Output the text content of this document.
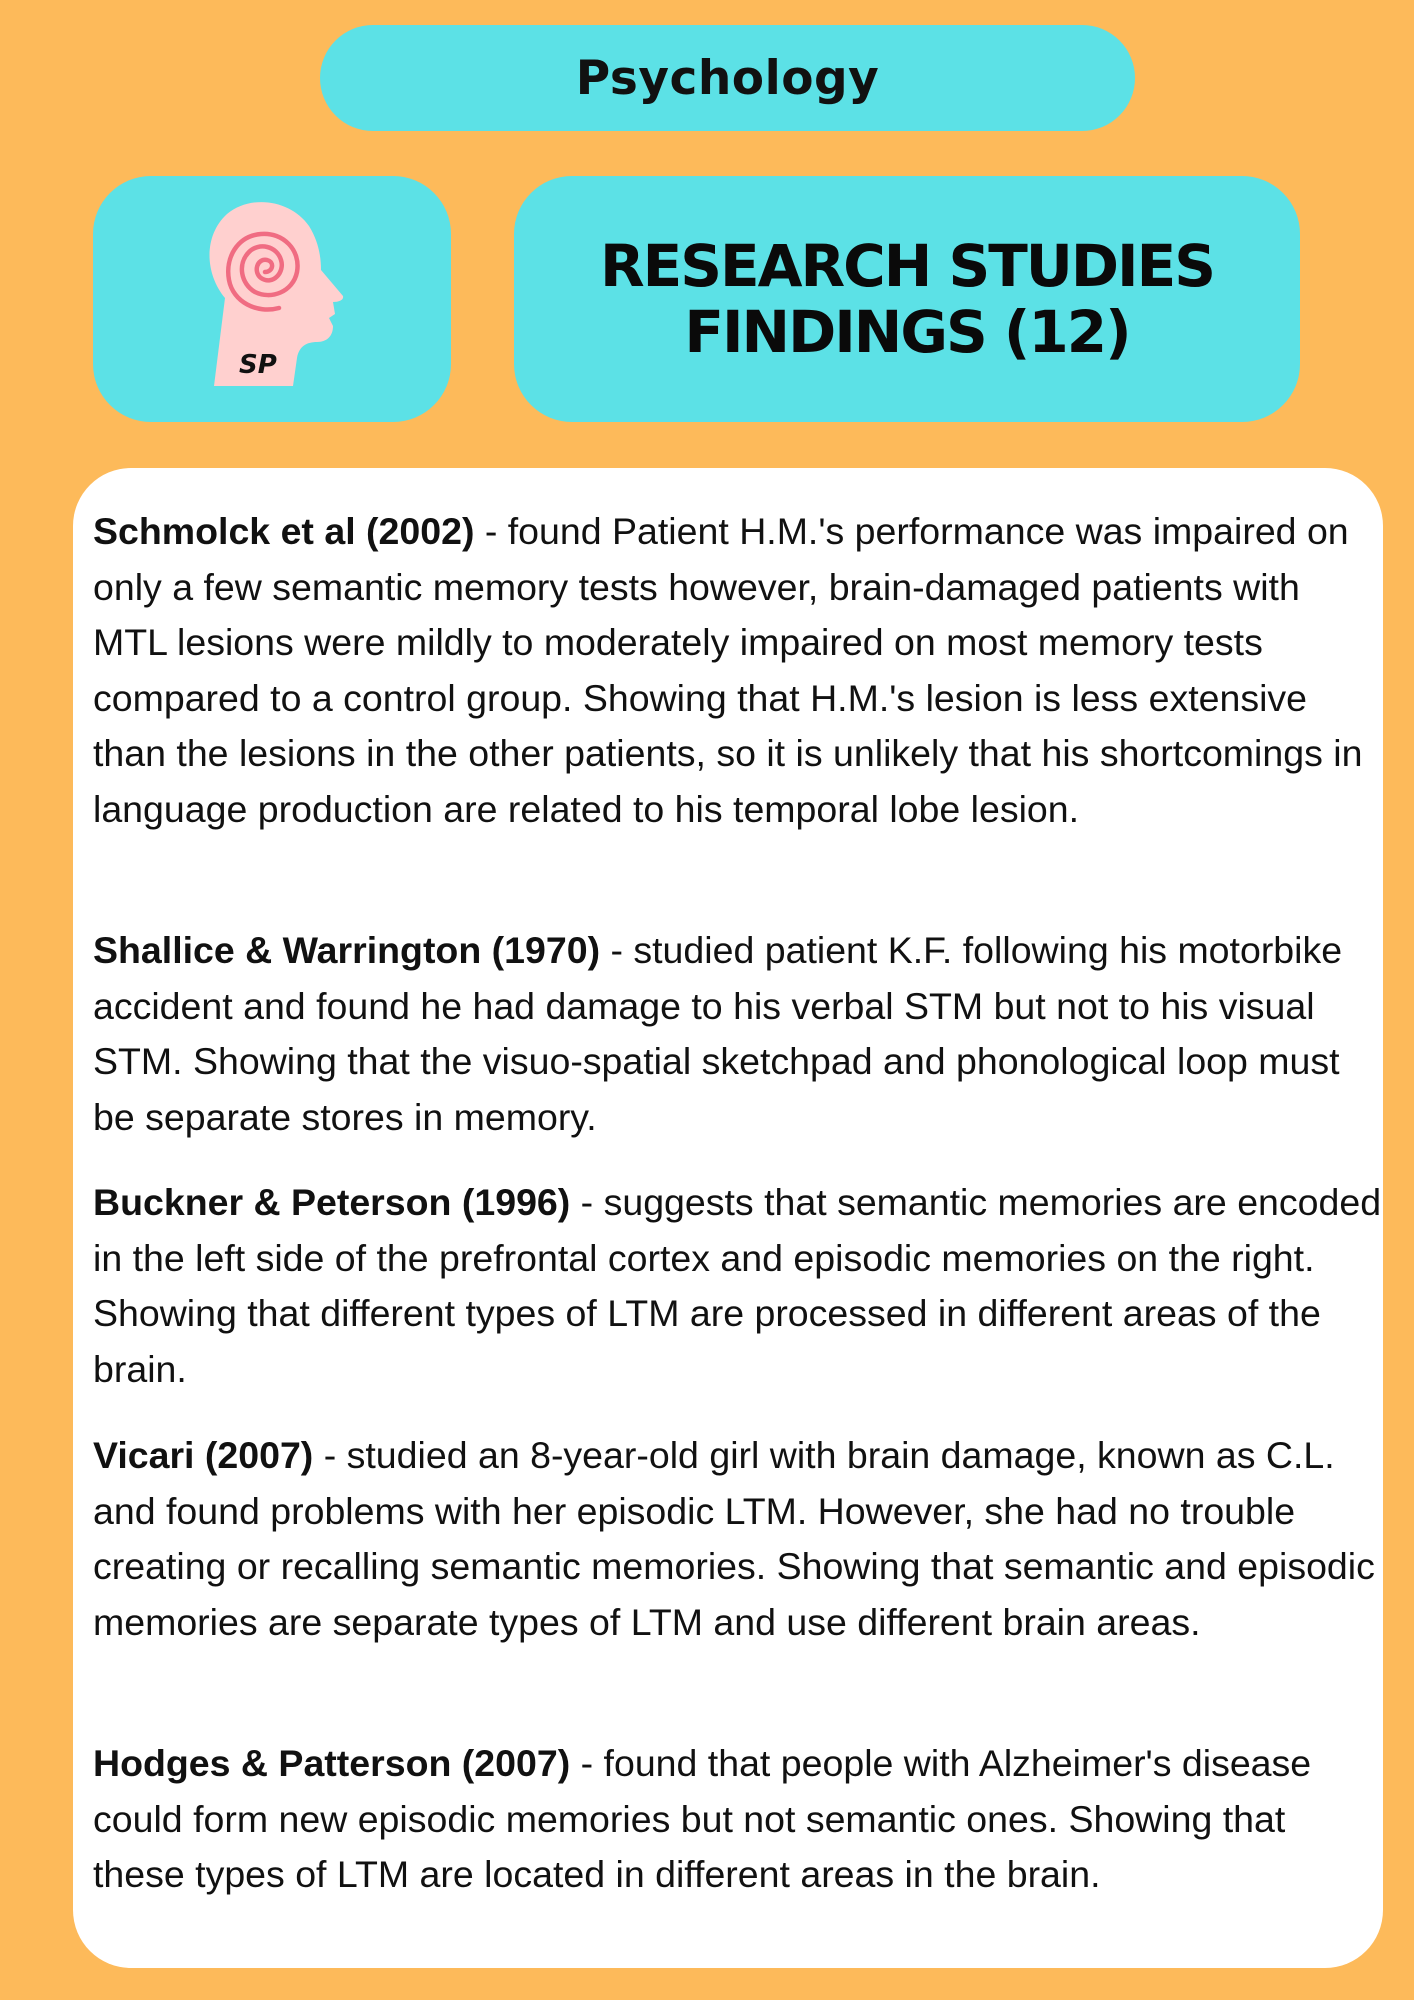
Psychology
SP
RESEARCH STUDIES
FINDINGS (12)

Schmolck et al (2002) - found Patient H.M.'s performance was impaired on only a few semantic memory tests however, brain-damaged patients with MTL lesions were mildly to moderately impaired on most memory tests compared to a control group. Showing that H.M.'s lesion is less extensive than the lesions in the other patients, so it is unlikely that his shortcomings in language production are related to his temporal lobe lesion.

Shallice & Warrington (1970) - studied patient K.F. following his motorbike accident and found he had damage to his verbal STM but not to his visual STM. Showing that the visuo-spatial sketchpad and phonological loop must be separate stores in memory.

Buckner & Peterson (1996) - suggests that semantic memories are encoded in the left side of the prefrontal cortex and episodic memories on the right. Showing that different types of LTM are processed in different areas of the brain.

Vicari (2007) - studied an 8-year-old girl with brain damage, known as C.L. and found problems with her episodic LTM. However, she had no trouble creating or recalling semantic memories. Showing that semantic and episodic memories are separate types of LTM and use different brain areas.

Hodges & Patterson (2007) - found that people with Alzheimer's disease could form new episodic memories but not semantic ones. Showing that these types of LTM are located in different areas in the brain.
